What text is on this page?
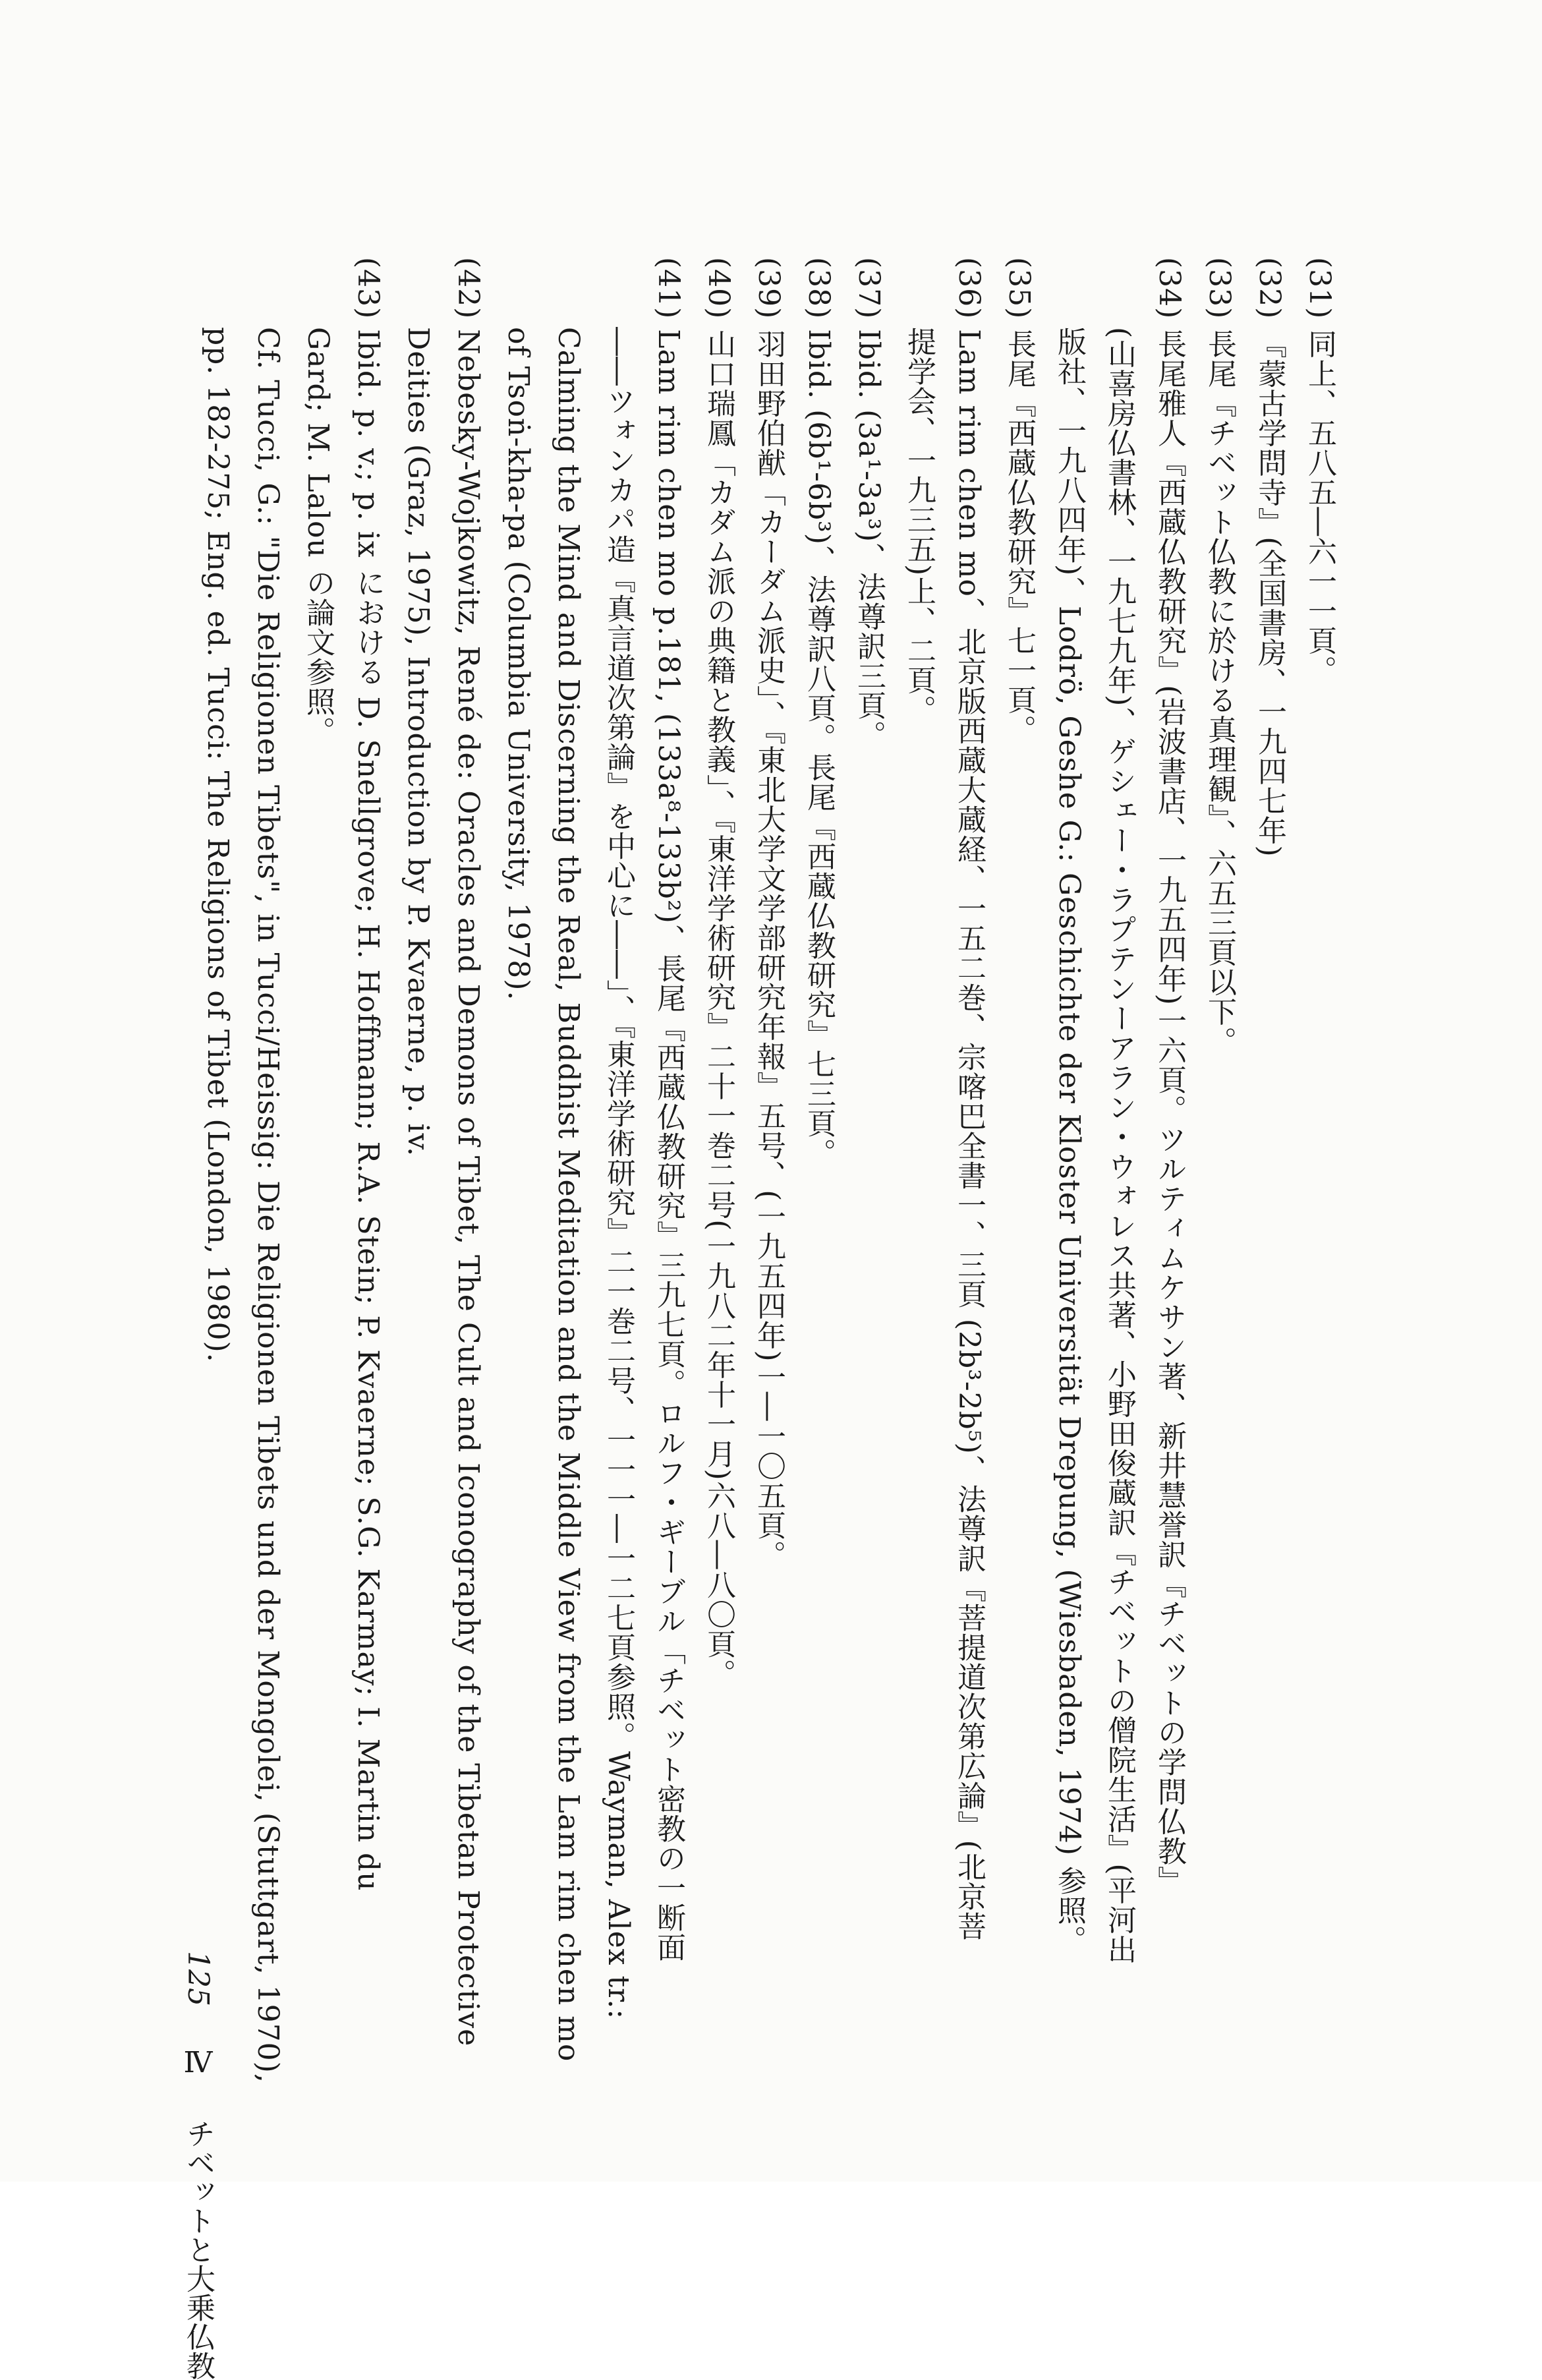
(31) 同上、五八五―六一一頁。
(32) 『蒙古学問寺』(全国書房、一九四七年)
(33) 長尾『チベット仏教に於ける真理観』、六五三頁以下。
(34) 長尾雅人『西蔵仏教研究』(岩波書店、一九五四年)一六頁。ツルティムケサン著、新井慧誉訳『チベットの学問仏教』
(山喜房仏書林、一九七九年)、ゲシェー・ラプテンーアラン・ウォレス共著、小野田俊蔵訳『チベットの僧院生活』(平河出
版社、一九八四年)、Lodrö, Geshe G.: Geschichte der Kloster Universität Drepung, (Wiesbaden, 1974) 参照。
(35) 長尾『西蔵仏教研究』七一頁。
(36) Lam rim chen mo、北京版西蔵大蔵経、一五二巻、宗喀巴全書一、三頁 (2b³-2b⁵)、法尊訳『菩提道次第広論』(北京菩
提学会、一九三五)上、二頁。
(37) Ibid. (3a¹-3a³)、法尊訳三頁。
(38) Ibid. (6b¹-6b³)、法尊訳八頁。長尾『西蔵仏教研究』七三頁。
(39) 羽田野伯猷「カーダム派史」、『東北大学文学部研究年報』五号、(一九五四年)一―一〇五頁。
(40) 山口瑞鳳「カダム派の典籍と教義」、『東洋学術研究』二十一巻二号(一九八二年十一月)六八―八〇頁。
(41) Lam rim chen mo p.181, (133a⁸-133b²)、長尾『西蔵仏教研究』三九七頁。ロルフ・ギーブル「チベット密教の一断面
――ツォンカパ造『真言道次第論』を中心に――」、『東洋学術研究』二一巻二号、一一一―一二七頁参照。Wayman, Alex tr.:
Calming the Mind and Discerning the Real, Buddhist Meditation and the Middle View from the Lam rim chen mo
of Tsoṅ-kha-pa (Columbia University, 1978).
(42) Nebesky-Wojkowitz, René de: Oracles and Demons of Tibet, The Cult and Iconography of the Tibetan Protective
Deities (Graz, 1975), Introduction by P. Kvaerne, p. iv.
(43) Ibid. p. v.; p. ix における D. Snellgrove; H. Hoffmann; R.A. Stein; P. Kvaerne; S.G. Karmay; I. Martin du
Gard; M. Lalou の論文参照。
Cf. Tucci, G.: "Die Religionen Tibets", in Tucci/Heissig: Die Religionen Tibets und der Mongolei, (Stuttgart, 1970),
pp. 182-275; Eng. ed. Tucci: The Religions of Tibet (London, 1980).
125Ⅳチベットと大乗仏教
